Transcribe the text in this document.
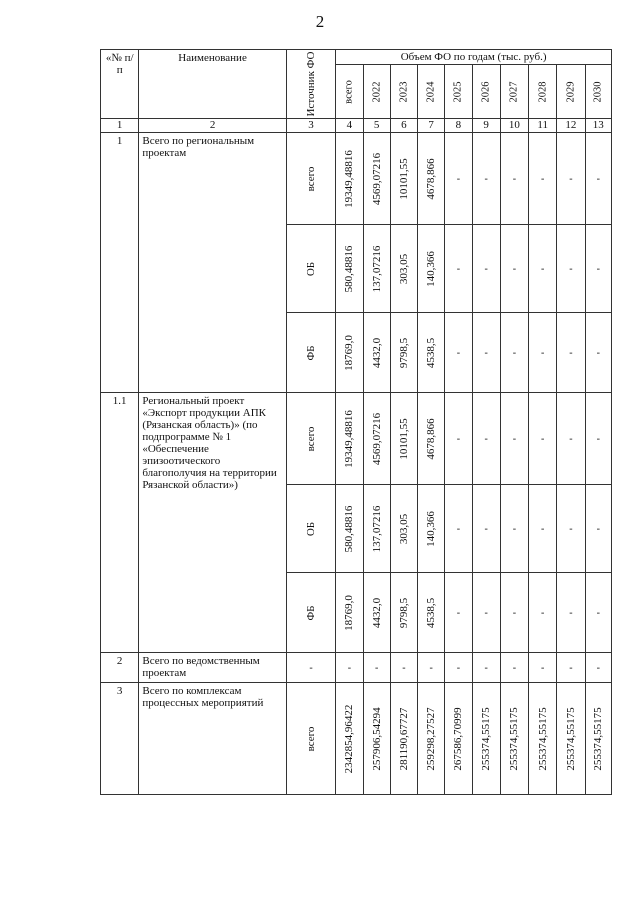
2
«№ п/п	Наименование	Источник ФО	Объем ФО по годам (тыс. руб.)									

			всего	2022	2023	2024	2025	2026	2027	2028	2029	2030

1	2	3	4	5	6	7	8	9	10	11	12	13
1	Всего по региональным проектам	всего	19349,48816	4569,07216	10101,55	4678,866	-	-	-	-	-	-

		ОБ	580,48816	137,07216	303,05	140,366	-	-	-	-	-	-

		ФБ	18769,0	4432,0	9798,5	4538,5	-	-	-	-	-	-

1.1	Региональный проект «Экспорт продукции АПК (Рязанская область)» (по подпрограмме № 1 «Обеспечение эпизоотического благополучия на территории Рязанской области»)	всего	19349,48816	4569,07216	10101,55	4678,866	-	-	-	-	-	-

		ОБ	580,48816	137,07216	303,05	140,366	-	-	-	-	-	-

		ФБ	18769,0	4432,0	9798,5	4538,5	-	-	-	-	-	-

2	Всего по ведомственным проектам	-	-	-	-	-	-	-	-	-	-	-

3	Всего по комплексам процессных мероприятий	всего	2342854,96422	257906,54294	281190,67727	259298,27527	267586,70999	255374,55175	255374,55175	255374,55175	255374,55175	255374,55175
